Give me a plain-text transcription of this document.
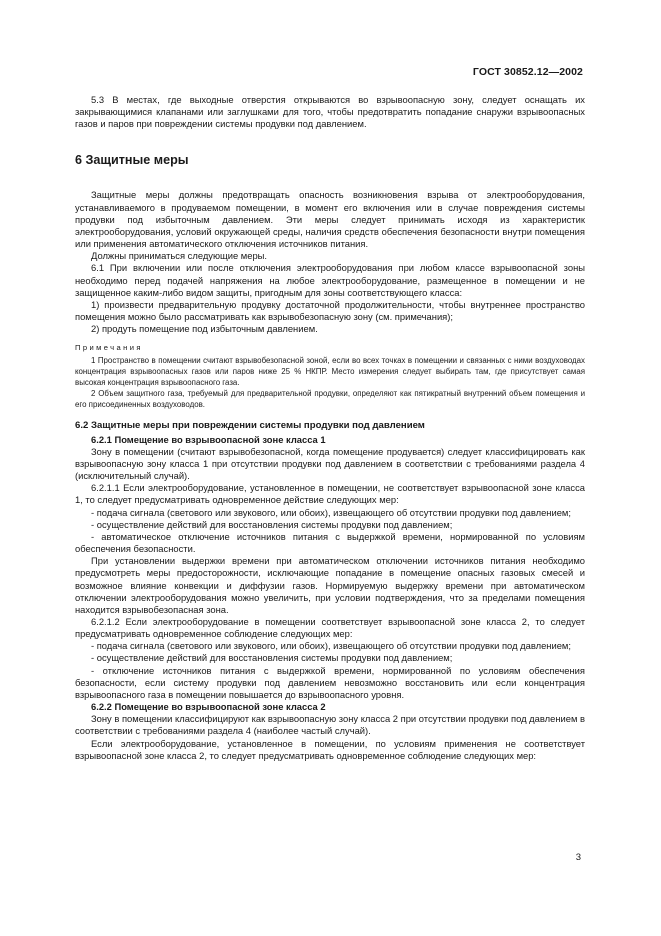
ГОСТ 30852.12—2002

5.3 В местах, где выходные отверстия открываются во взрывоопасную зону, следует оснащать их закрывающимися клапанами или заглушками для того, чтобы предотвратить попадание снаружи взрывоопасных газов и паров при повреждении системы продувки под давлением.

6 Защитные меры

Защитные меры должны предотвращать опасность возникновения взрыва от электрооборудования, устанавливаемого в продуваемом помещении, в момент его включения или в случае повреждения системы продувки под избыточным давлением. Эти меры следует принимать исходя из характеристик электрооборудования, условий окружающей среды, наличия средств обеспечения безопасности внутри помещения или применения автоматического отключения источников питания.

Должны приниматься следующие меры.

6.1 При включении или после отключения электрооборудования при любом классе взрывоопасной зоны необходимо перед подачей напряжения на любое электрооборудование, размещенное в помещении и не защищенное каким-либо видом защиты, пригодным для зоны соответствующего класса:

1) произвести предварительную продувку достаточной продолжительности, чтобы внутреннее пространство помещения можно было рассматривать как взрывобезопасную зону (см. примечания);

2) продуть помещение под избыточным давлением.

Примечания

1 Пространство в помещении считают взрывобезопасной зоной, если во всех точках в помещении и связанных с ними воздуховодах концентрация взрывоопасных газов или паров ниже 25 % НКПР. Место измерения следует выбирать там, где присутствует самая высокая концентрация взрывоопасного газа.

2 Объем защитного газа, требуемый для предварительной продувки, определяют как пятикратный внутренний объем помещения и его присоединенных воздуховодов.

6.2 Защитные меры при повреждении системы продувки под давлением

6.2.1 Помещение во взрывоопасной зоне класса 1

Зону в помещении (считают взрывобезопасной, когда помещение продувается) следует классифицировать как взрывоопасную зону класса 1 при отсутствии продувки под давлением в соответствии с требованиями раздела 4 (исключительный случай).

6.2.1.1 Если электрооборудование, установленное в помещении, не соответствует взрывоопасной зоне класса 1, то следует предусматривать одновременное действие следующих мер:

- подача сигнала (светового или звукового, или обоих), извещающего об отсутствии продувки под давлением;

- осуществление действий для восстановления системы продувки под давлением;

- автоматическое отключение источников питания с выдержкой времени, нормированной по условиям обеспечения безопасности.

При установлении выдержки времени при автоматическом отключении источников питания необходимо предусмотреть меры предосторожности, исключающие попадание в помещение опасных газовых смесей и возможное влияние конвекции и диффузии газов. Нормируемую выдержку времени при автоматическом отключении электрооборудования можно увеличить, при условии подтверждения, что за пределами помещения находится взрывобезопасная зона.

6.2.1.2 Если электрооборудование в помещении соответствует взрывоопасной зоне класса 2, то следует предусматривать одновременное соблюдение следующих мер:

- подача сигнала (светового или звукового, или обоих), извещающего об отсутствии продувки под давлением;

- осуществление действий для восстановления системы продувки под давлением;

- отключение источников питания с выдержкой времени, нормированной по условиям обеспечения безопасности, если систему продувки под давлением невозможно восстановить или если концентрация взрывоопасного газа в помещении повышается до взрывоопасного уровня.

6.2.2 Помещение во взрывоопасной зоне класса 2

Зону в помещении классифицируют как взрывоопасную зону класса 2 при отсутствии продувки под давлением в соответствии с требованиями раздела 4 (наиболее частый случай).

Если электрооборудование, установленное в помещении, по условиям применения не соответствует взрывоопасной зоне класса 2, то следует предусматривать одновременное соблюдение следующих мер:

3
